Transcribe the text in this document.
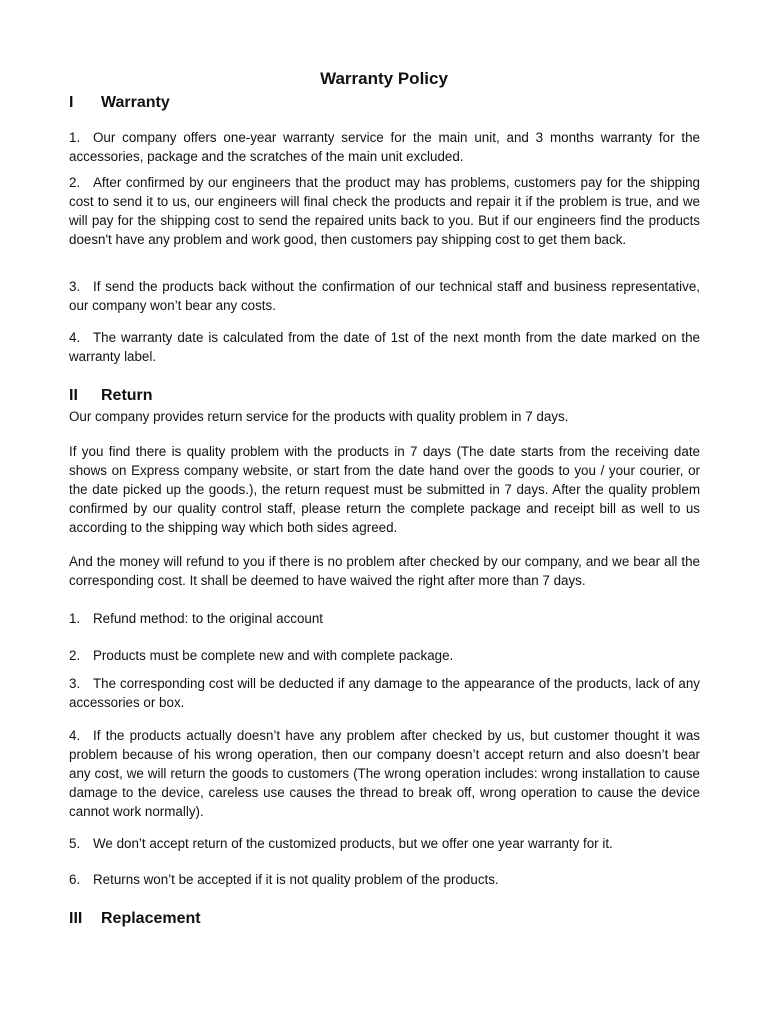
Warranty Policy
I Warranty
1. Our company offers one-year warranty service for the main unit, and 3 months warranty for the accessories, package and the scratches of the main unit excluded.
2. After confirmed by our engineers that the product may has problems, customers pay for the shipping cost to send it to us, our engineers will final check the products and repair it if the problem is true, and we will pay for the shipping cost to send the repaired units back to you. But if our engineers find the products doesn't have any problem and work good, then customers pay shipping cost to get them back.
3. If send the products back without the confirmation of our technical staff and business representative, our company won’t bear any costs.
4. The warranty date is calculated from the date of 1st of the next month from the date marked on the warranty label.
II Return
Our company provides return service for the products with quality problem in 7 days.
If you find there is quality problem with the products in 7 days (The date starts from the receiving date shows on Express company website, or start from the date hand over the goods to you / your courier, or the date picked up the goods.), the return request must be submitted in 7 days. After the quality problem confirmed by our quality control staff, please return the complete package and receipt bill as well to us according to the shipping way which both sides agreed.
And the money will refund to you if there is no problem after checked by our company, and we bear all the corresponding cost. It shall be deemed to have waived the right after more than 7 days.
1. Refund method: to the original account
2. Products must be complete new and with complete package.
3. The corresponding cost will be deducted if any damage to the appearance of the products, lack of any accessories or box.
4. If the products actually doesn’t have any problem after checked by us, but customer thought it was problem because of his wrong operation, then our company doesn’t accept return and also doesn’t bear any cost, we will return the goods to customers (The wrong operation includes: wrong installation to cause damage to the device, careless use causes the thread to break off, wrong operation to cause the device cannot work normally).
5. We don’t accept return of the customized products, but we offer one year warranty for it.
6. Returns won’t be accepted if it is not quality problem of the products.
III Replacement
